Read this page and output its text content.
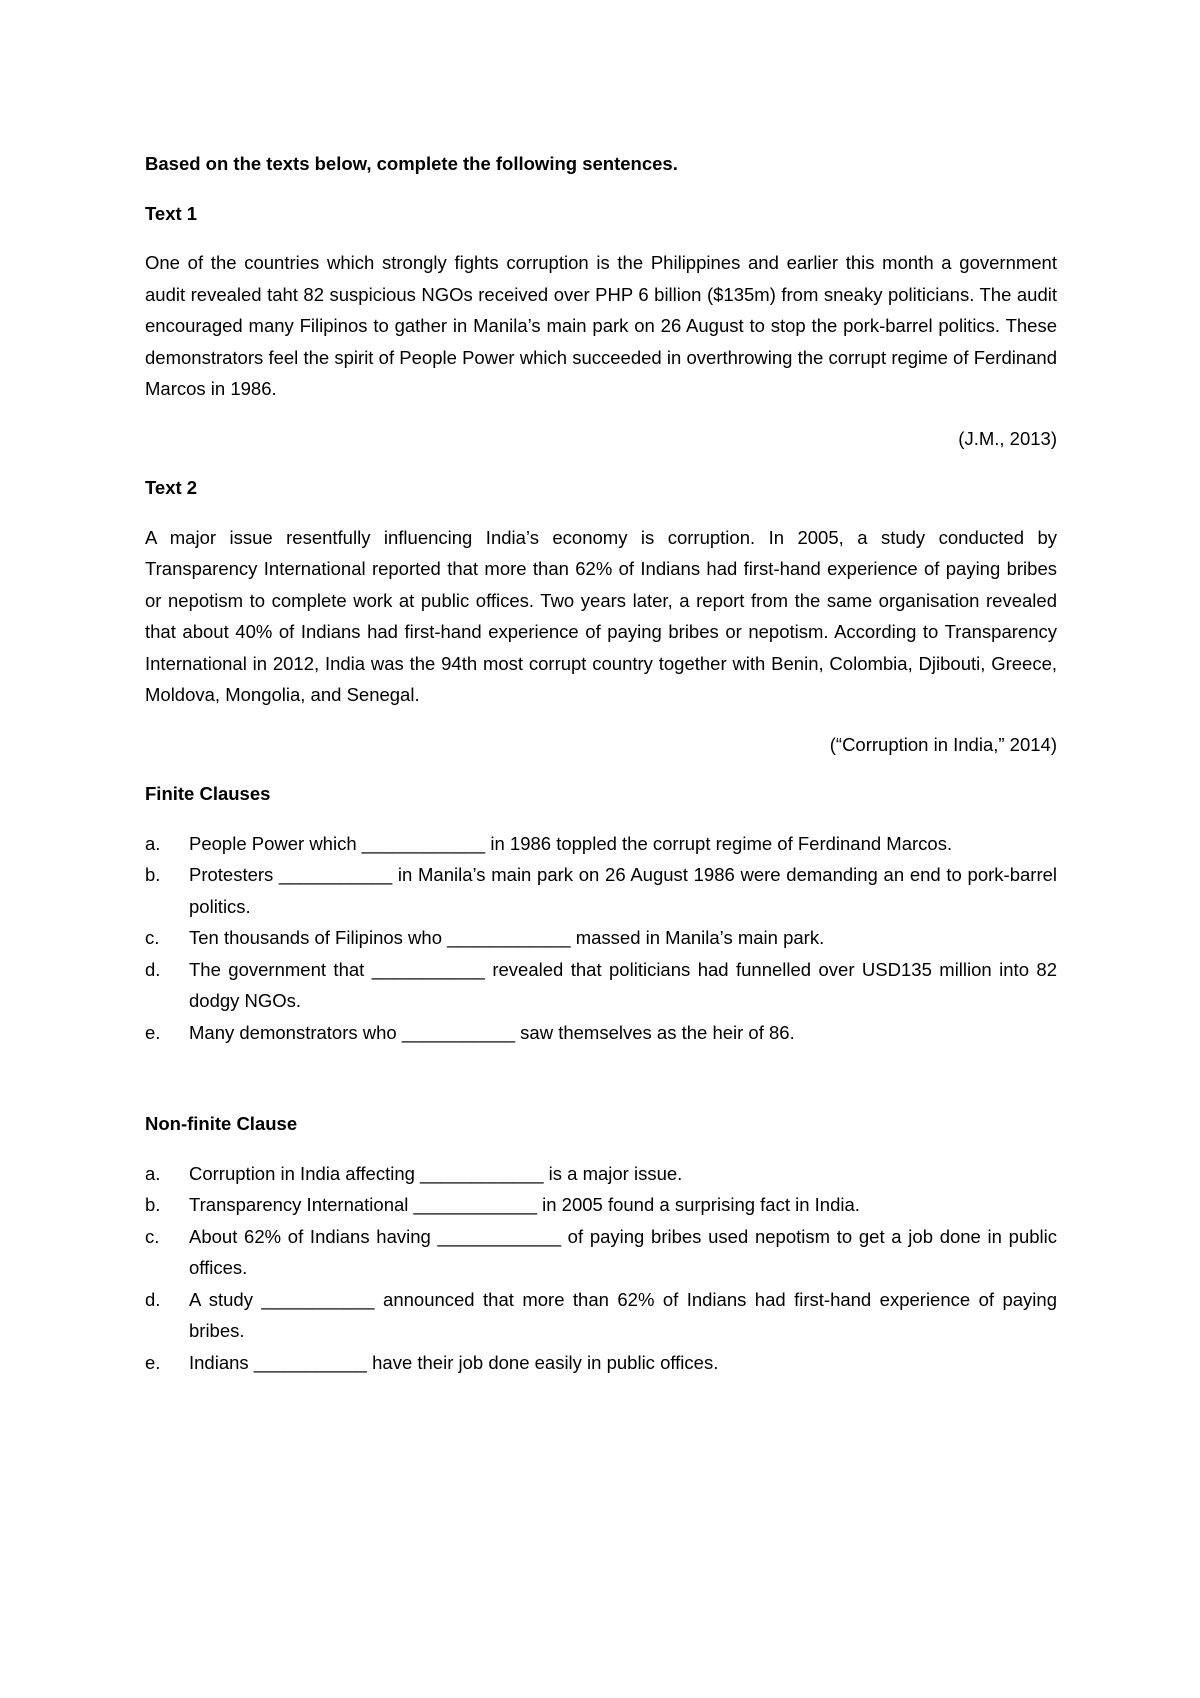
Based on the texts below, complete the following sentences.

Text 1

One of the countries which strongly fights corruption is the Philippines and earlier this month a government audit revealed taht 82 suspicious NGOs received over PHP 6 billion ($135m) from sneaky politicians. The audit encouraged many Filipinos to gather in Manila’s main park on 26 August to stop the pork-barrel politics. These demonstrators feel the spirit of People Power which succeeded in overthrowing the corrupt regime of Ferdinand Marcos in 1986.

(J.M., 2013)

Text 2

A major issue resentfully influencing India’s economy is corruption. In 2005, a study conducted by Transparency International reported that more than 62% of Indians had first-hand experience of paying bribes or nepotism to complete work at public offices. Two years later, a report from the same organisation revealed that about 40% of Indians had first-hand experience of paying bribes or nepotism. According to Transparency International in 2012, India was the 94th most corrupt country together with Benin, Colombia, Djibouti, Greece, Moldova, Mongolia, and Senegal.

(“Corruption in India,” 2014)

Finite Clauses

a. People Power which ____________ in 1986 toppled the corrupt regime of Ferdinand Marcos.
b. Protesters ___________ in Manila’s main park on 26 August 1986 were demanding an end to pork-barrel politics.
c. Ten thousands of Filipinos who ____________ massed in Manila’s main park.
d. The government that ___________ revealed that politicians had funnelled over USD135 million into 82 dodgy NGOs.
e. Many demonstrators who ___________ saw themselves as the heir of 86.

Non-finite Clause

a. Corruption in India affecting ____________ is a major issue.
b. Transparency International ____________ in 2005 found a surprising fact in India.
c. About 62% of Indians having ____________ of paying bribes used nepotism to get a job done in public offices.
d. A study ___________ announced that more than 62% of Indians had first-hand experience of paying bribes.
e. Indians ___________ have their job done easily in public offices.
